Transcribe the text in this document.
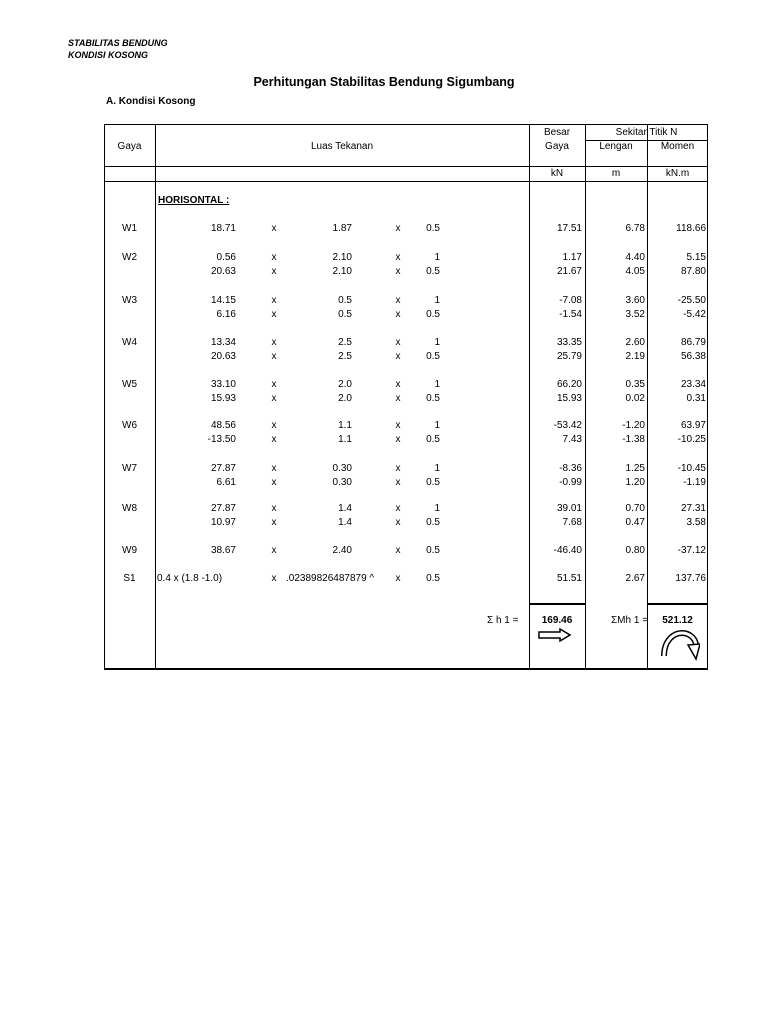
STABILITAS BENDUNG
KONDISI KOSONG
Perhitungan Stabilitas Bendung Sigumbang
A. Kondisi Kosong
Gaya	Luas Tekanan
Besar
Gaya
Sekitar Titik N
Lengan	Momen
kN	m	kN.m
HORISONTAL :
W1	18.71	x	1.87	x	0.5	17.51	6.78	118.66
W2	0.56	x	2.10	x	1	1.17	4.40	5.15
20.63	x	2.10	x	0.5	21.67	4.05	87.80
W3	14.15	x	0.5	x	1	-7.08	3.60	-25.50
6.16	x	0.5	x	0.5	-1.54	3.52	-5.42
W4	13.34	x	2.5	x	1	33.35	2.60	86.79
20.63	x	2.5	x	0.5	25.79	2.19	56.38
W5	33.10	x	2.0	x	1	66.20	0.35	23.34
15.93	x	2.0	x	0.5	15.93	0.02	0.31
W6	48.56	x	1.1	x	1	-53.42	-1.20	63.97
-13.50	x	1.1	x	0.5	7.43	-1.38	-10.25
W7	27.87	x	0.30	x	1	-8.36	1.25	-10.45
6.61	x	0.30	x	0.5	-0.99	1.20	-1.19
W8	27.87	x	1.4	x	1	39.01	0.70	27.31
10.97	x	1.4	x	0.5	7.68	0.47	3.58
W9	38.67	x	2.40	x	0.5	-46.40	0.80	-37.12
S1	0.4 x (1.8 -1.0)	x .02389826487879 ^	x	0.5	51.51	2.67	137.76
Σ h 1 =	169.46	ΣMh 1 =	521.12
